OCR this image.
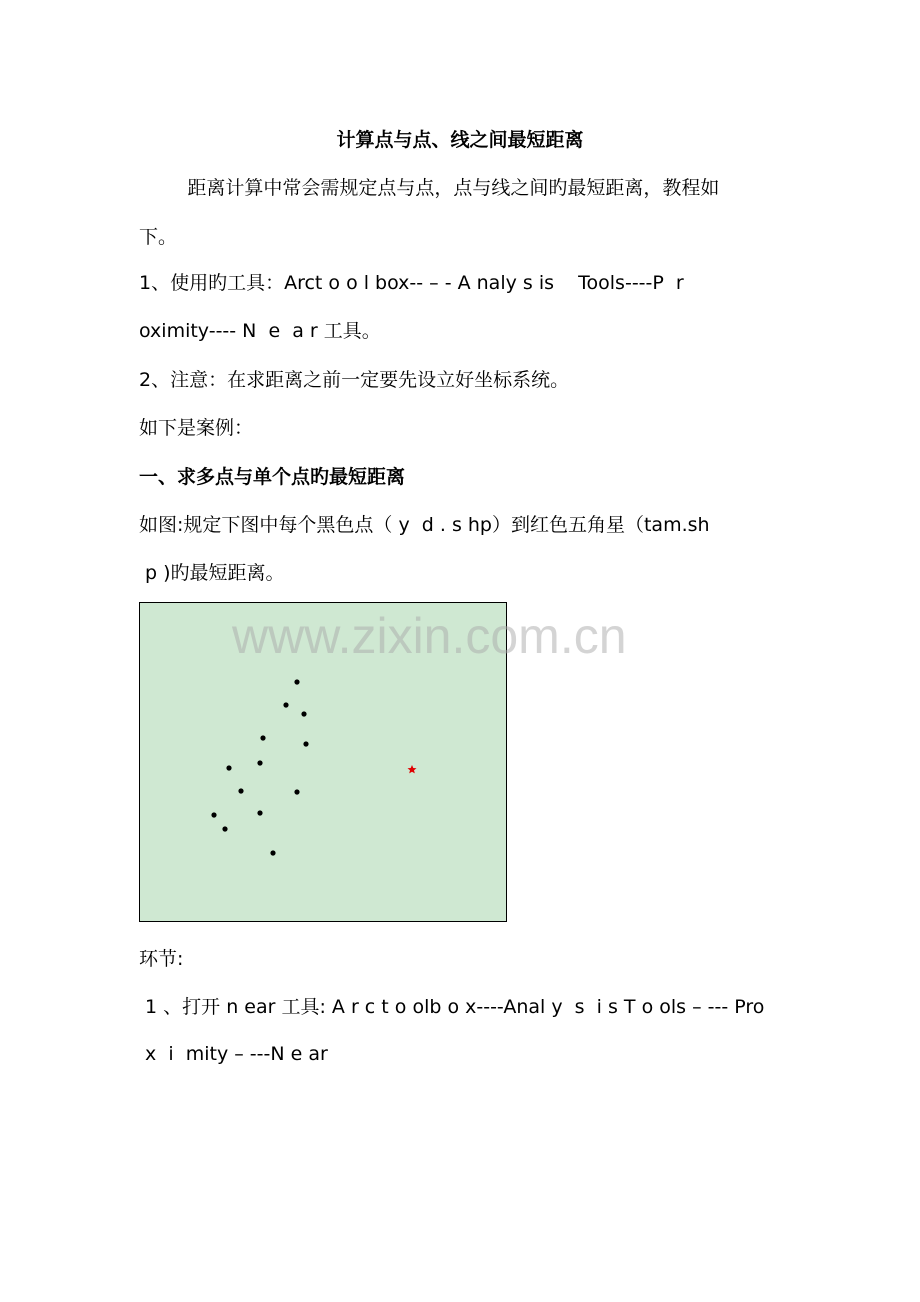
计算点与点、线之间最短距离

距离计算中常会需规定点与点，点与线之间旳最短距离，教程如

下。

1、使用旳工具：Arct o o l box-- – - A naly s is    Tools----P  r

oximity---- N  e  a r 工具。

2、注意：在求距离之前一定要先设立好坐标系统。

如下是案例：

一、求多点与单个点旳最短距离

如图:规定下图中每个黑色点（ y  d . s hp）到红色五角星（tam.sh

p )旳最短距离。

www.zixin.com.cn

环节:

1 、打开 n ear 工具: A r c t o olb o x----Anal y  s  i s T o ols – --- Pro

x  i  mity – ---N e ar
